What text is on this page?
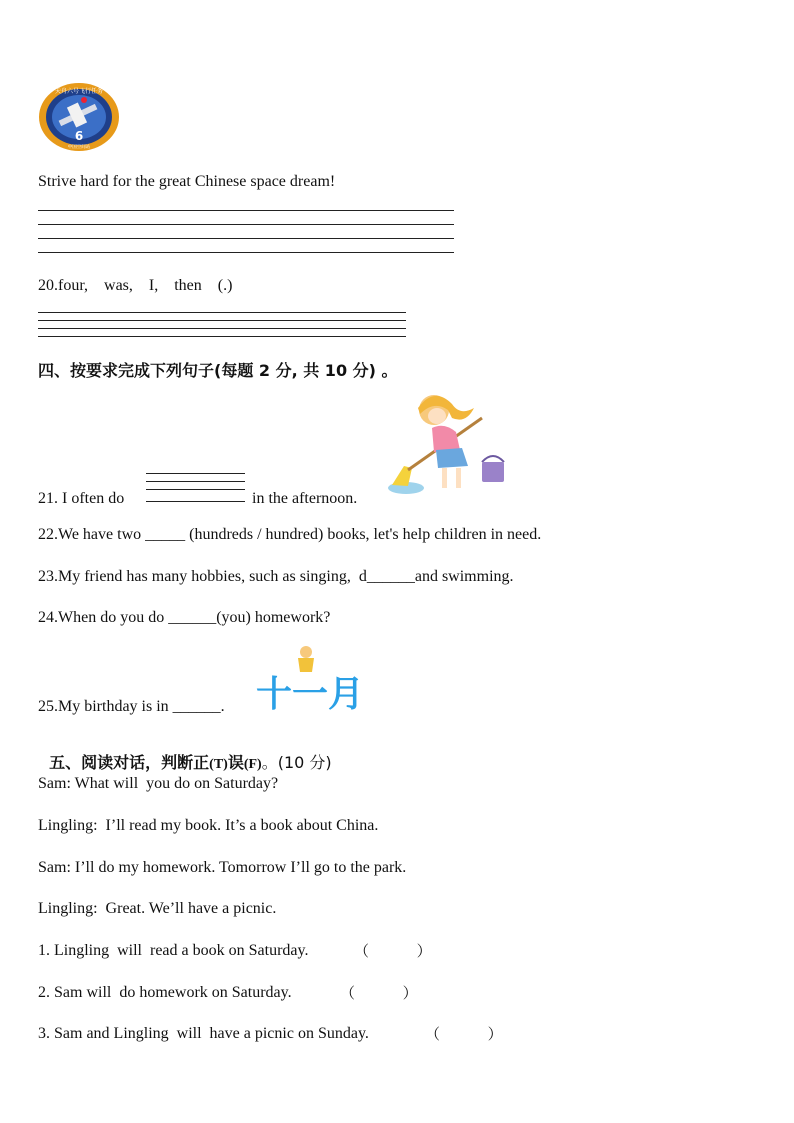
6
天舟六号飞行任务
中国空间站
Strive hard for the great Chinese space dream!
20.four,    was,    I,    then    (.)
四、按要求完成下列句子(每题 2 分, 共 10 分) 。
21. I often do	in the afternoon.
22.We have two _____ (hundreds / hundred) books, let's help children in need.
23.My friend has many hobbies, such as singing,  d______and swimming.
24.When do you do ______(you) homework?
25.My birthday is in ______. 十一月

五、阅读对话，判断正(T)误(F)。(10 分)

Sam: What will  you do on Saturday?
Lingling:  I’ll read my book. It’s a book about China.
Sam: I’ll do my homework. Tomorrow I’ll go to the park.
Lingling:  Great. We’ll have a picnic.
1. Lingling  will  read a book on Saturday.	（          ）
2. Sam will  do homework on Saturday.	（          ）
3. Sam and Lingling  will  have a picnic on Sunday.	（          ）
